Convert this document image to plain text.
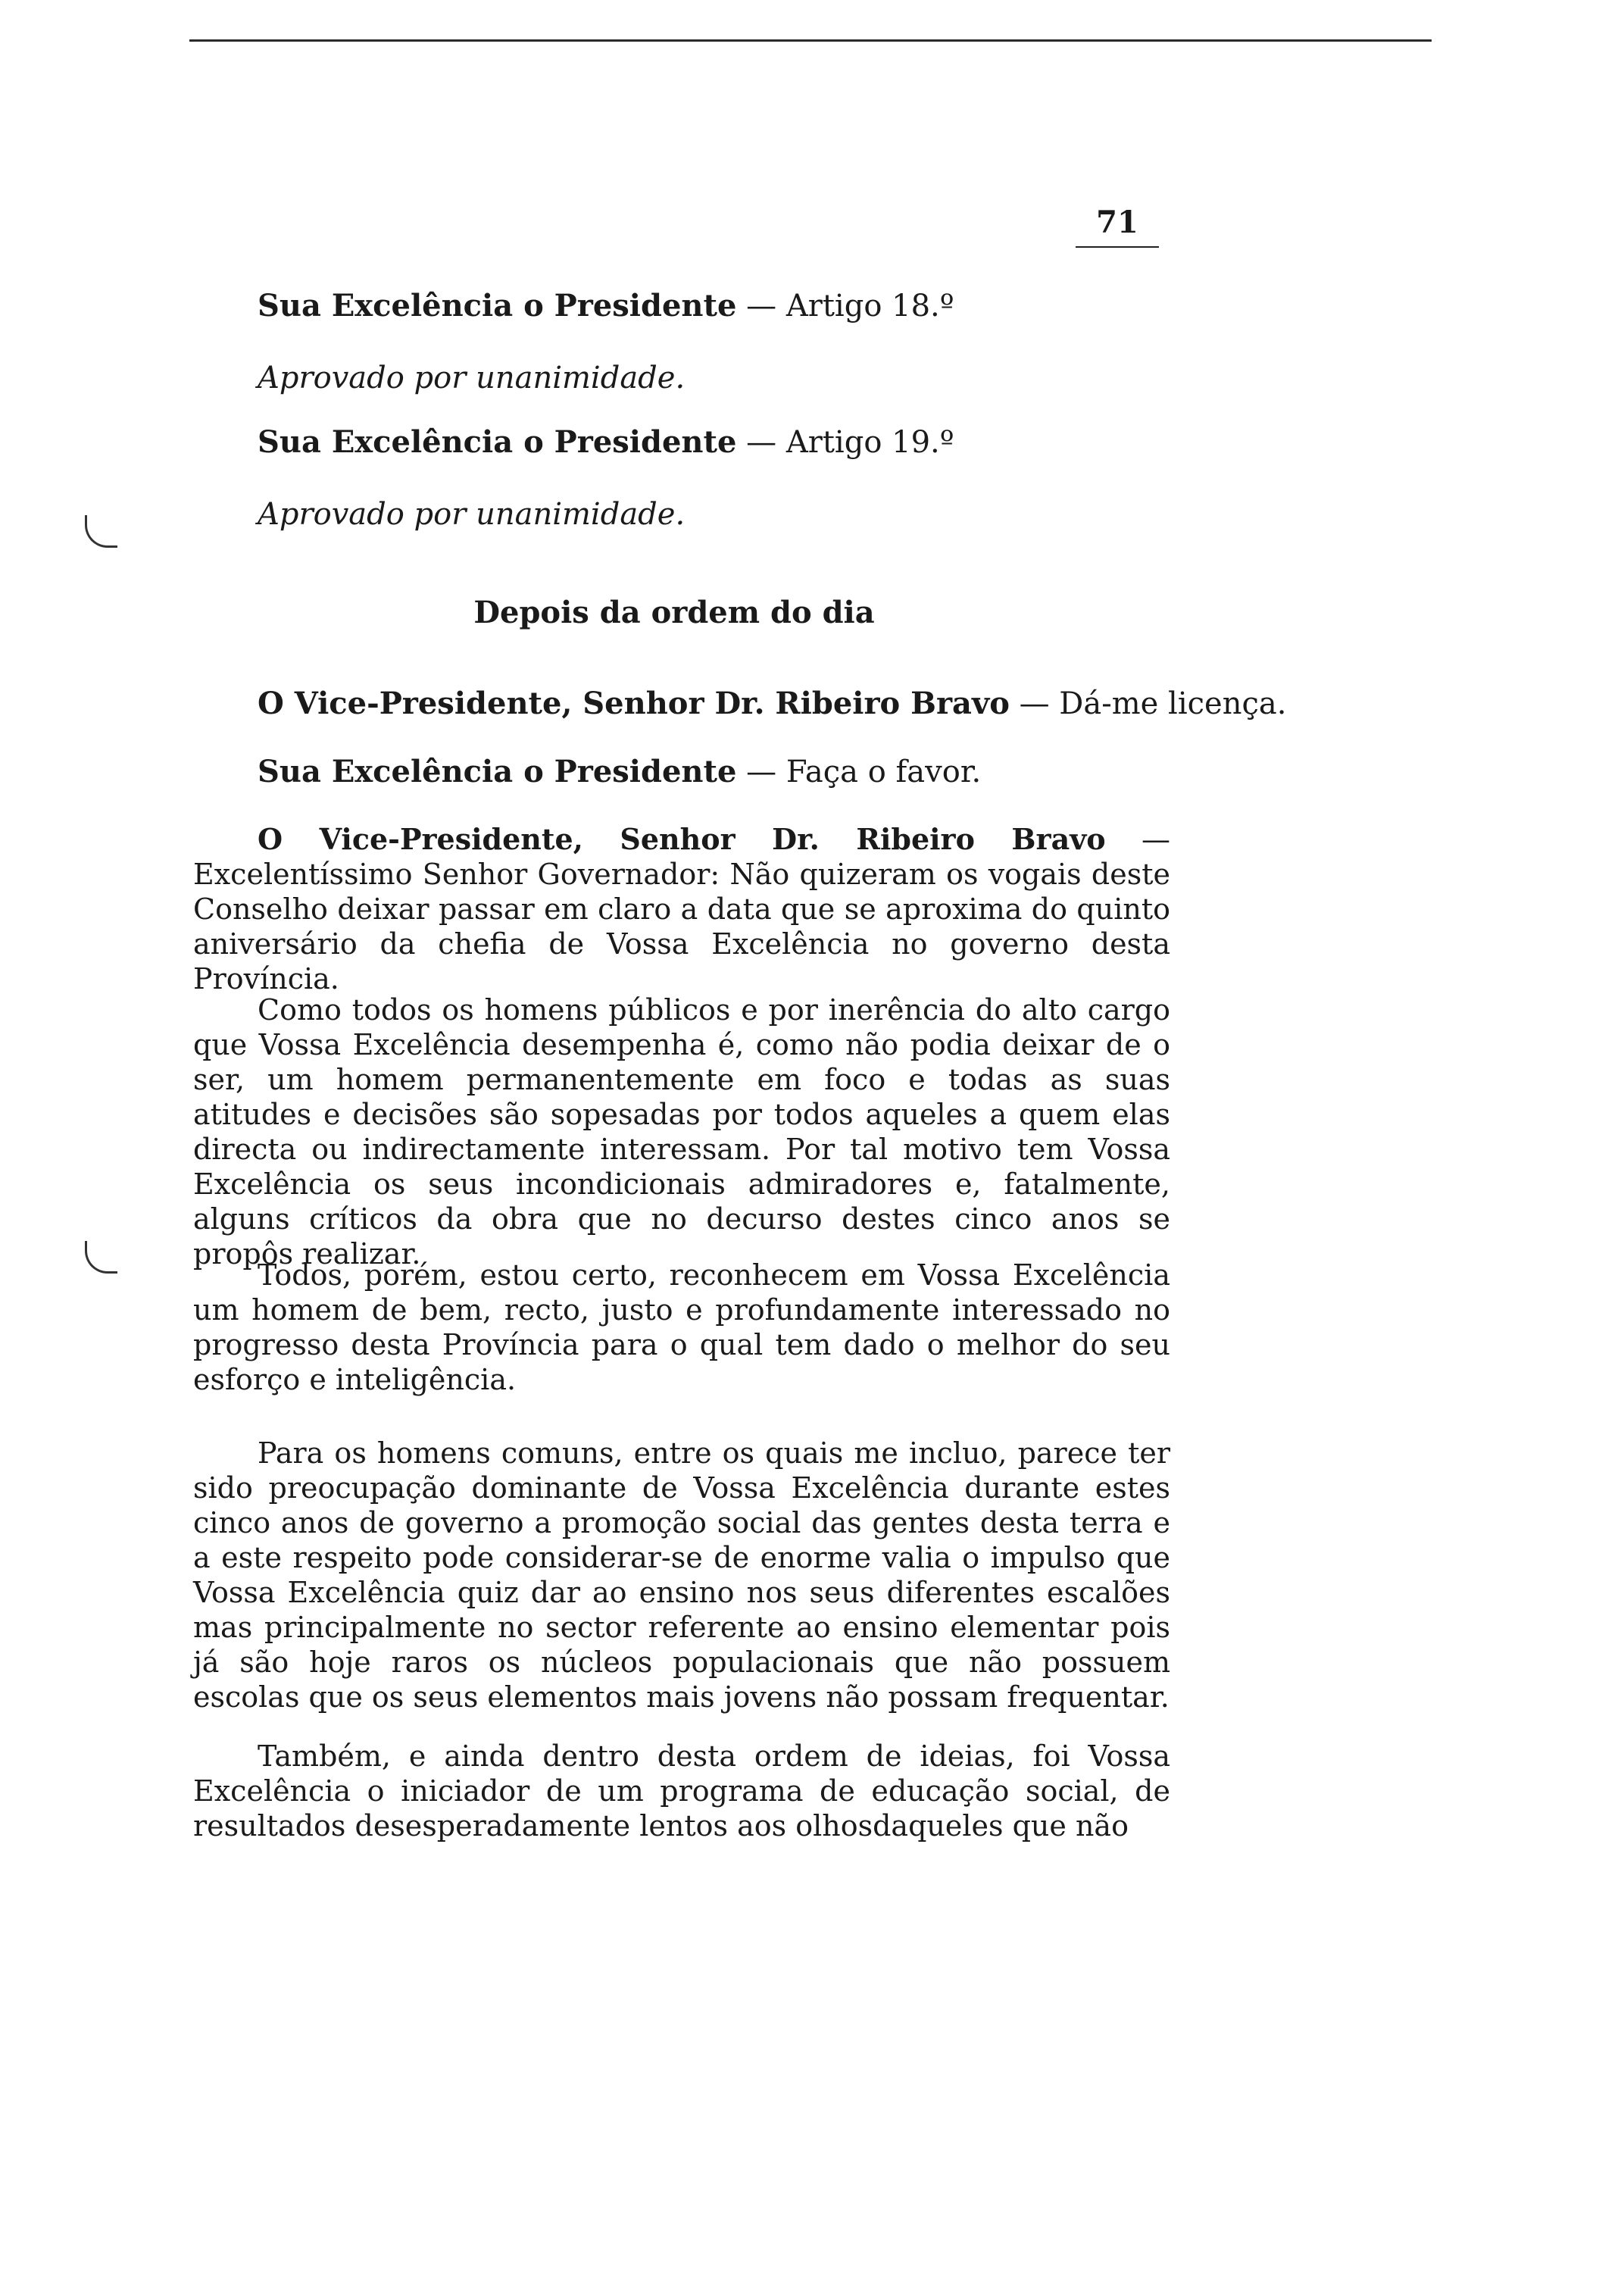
71
Sua Excelência o Presidente — Artigo 18.º
Aprovado por unanimidade.
Sua Excelência o Presidente — Artigo 19.º
Aprovado por unanimidade.
Depois da ordem do dia
O Vice-Presidente, Senhor Dr. Ribeiro Bravo — Dá-me licença.
Sua Excelência o Presidente — Faça o favor.
O Vice-Presidente, Senhor Dr. Ribeiro Bravo — Excelentíssimo Senhor Governador: Não quizeram os vogais deste Conselho deixar passar em claro a data que se aproxima do quinto aniversário da chefia de Vossa Excelência no governo desta Província.
Como todos os homens públicos e por inerência do alto cargo que Vossa Excelência desempenha é, como não podia deixar de o ser, um homem permanentemente em foco e todas as suas atitudes e decisões são sopesadas por todos aqueles a quem elas directa ou indirectamente interessam. Por tal motivo tem Vossa Excelência os seus incondicionais admiradores e, fatalmente, alguns críticos da obra que no decurso destes cinco anos se propôs realizar.
Todos, porém, estou certo, reconhecem em Vossa Excelência um homem de bem, recto, justo e profundamente interessado no progresso desta Província para o qual tem dado o melhor do seu esforço e inteligência.
Para os homens comuns, entre os quais me incluo, parece ter sido preocupação dominante de Vossa Excelência durante estes cinco anos de governo a promoção social das gentes desta terra e a este respeito pode considerar-se de enorme valia o impulso que Vossa Excelência quiz dar ao ensino nos seus diferentes escalões mas principalmente no sector referente ao ensino elementar pois já são hoje raros os núcleos populacionais que não possuem escolas que os seus elementos mais jovens não possam frequentar.
Também, e ainda dentro desta ordem de ideias, foi Vossa Excelência o iniciador de um programa de educação social, de resultados desesperadamente lentos aos olhosdaqueles que não
